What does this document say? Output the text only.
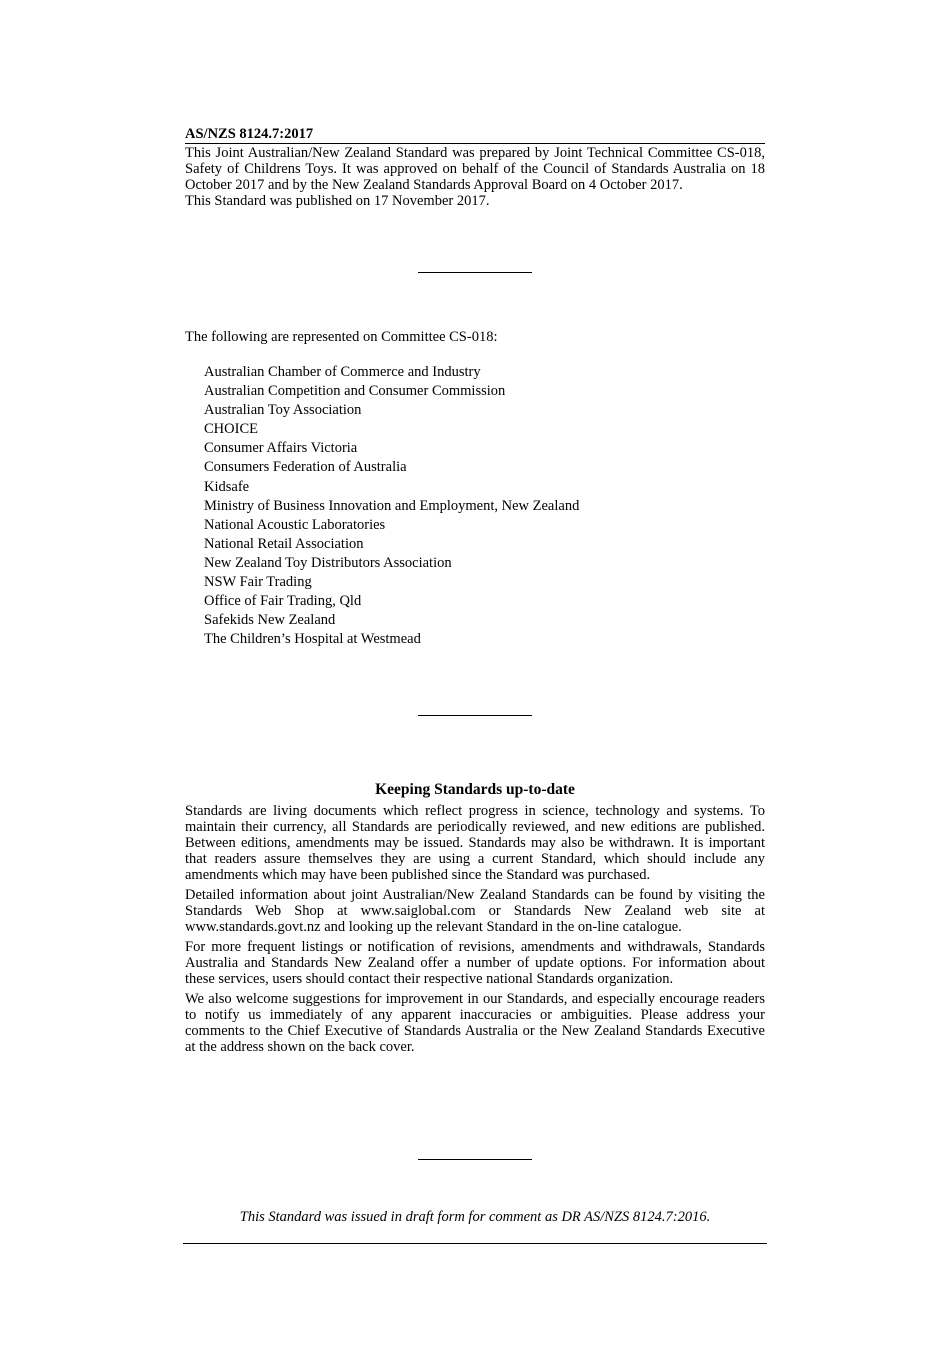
AS/NZS 8124.7:2017

This Joint Australian/New Zealand Standard was prepared by Joint Technical Committee CS-018, Safety of Childrens Toys. It was approved on behalf of the Council of Standards Australia on 18 October 2017 and by the New Zealand Standards Approval Board on 4 October 2017.

This Standard was published on 17 November 2017.

The following are represented on Committee CS-018:
Australian Chamber of Commerce and Industry
Australian Competition and Consumer Commission
Australian Toy Association
CHOICE
Consumer Affairs Victoria
Consumers Federation of Australia
Kidsafe
Ministry of Business Innovation and Employment, New Zealand
National Acoustic Laboratories
National Retail Association
New Zealand Toy Distributors Association
NSW Fair Trading
Office of Fair Trading, Qld
Safekids New Zealand
The Children’s Hospital at Westmead
Keeping Standards up-to-date

Standards are living documents which reflect progress in science, technology and systems. To maintain their currency, all Standards are periodically reviewed, and new editions are published. Between editions, amendments may be issued. Standards may also be withdrawn. It is important that readers assure themselves they are using a current Standard, which should include any amendments which may have been published since the Standard was purchased.

Detailed information about joint Australian/New Zealand Standards can be found by visiting the Standards Web Shop at www.saiglobal.com or Standards New Zealand web site at www.standards.govt.nz and looking up the relevant Standard in the on-line catalogue.

For more frequent listings or notification of revisions, amendments and withdrawals, Standards Australia and Standards New Zealand offer a number of update options. For information about these services, users should contact their respective national Standards organization.

We also welcome suggestions for improvement in our Standards, and especially encourage readers to notify us immediately of any apparent inaccuracies or ambiguities. Please address your comments to the Chief Executive of Standards Australia or the New Zealand Standards Executive at the address shown on the back cover.

This Standard was issued in draft form for comment as DR AS/NZS 8124.7:2016.
